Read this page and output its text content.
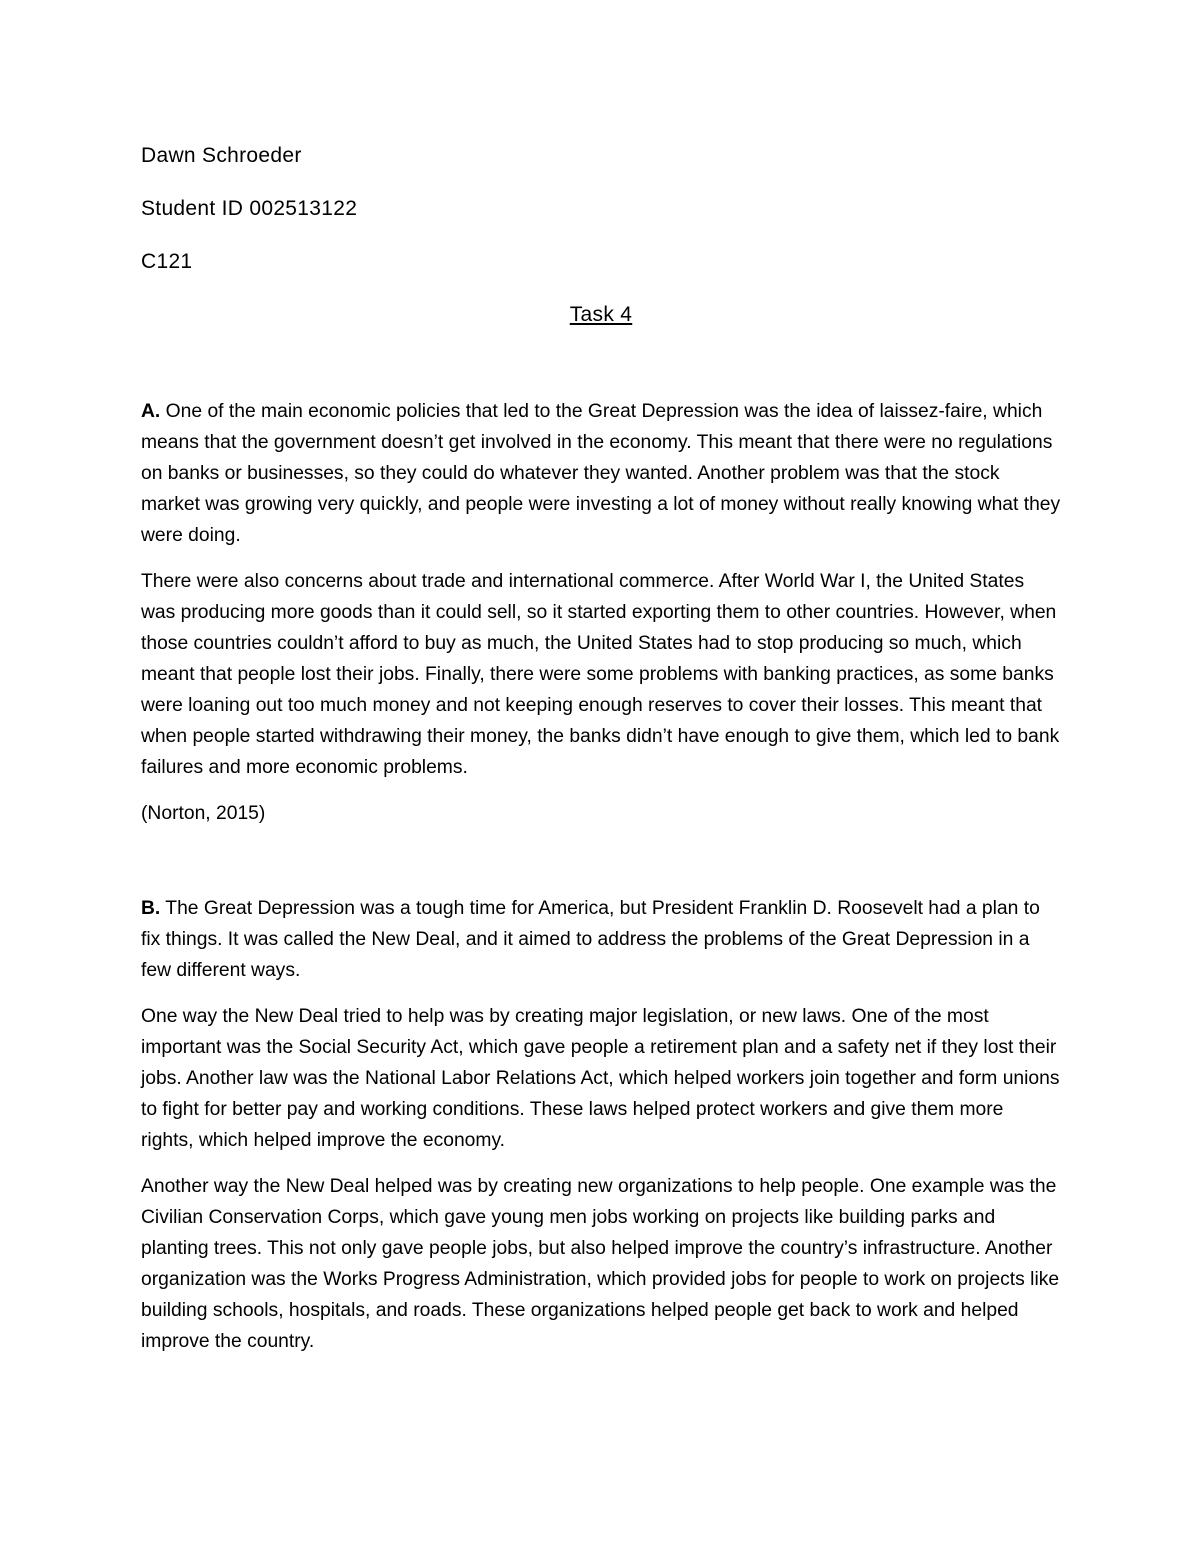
Dawn Schroeder

Student ID 002513122

C121

Task 4

A. One of the main economic policies that led to the Great Depression was the idea of laissez-faire, which means that the government doesn’t get involved in the economy. This meant that there were no regulations on banks or businesses, so they could do whatever they wanted. Another problem was that the stock market was growing very quickly, and people were investing a lot of money without really knowing what they were doing.

There were also concerns about trade and international commerce. After World War I, the United States was producing more goods than it could sell, so it started exporting them to other countries. However, when those countries couldn’t afford to buy as much, the United States had to stop producing so much, which meant that people lost their jobs. Finally, there were some problems with banking practices, as some banks were loaning out too much money and not keeping enough reserves to cover their losses. This meant that when people started withdrawing their money, the banks didn’t have enough to give them, which led to bank failures and more economic problems.

(Norton, 2015)

B. The Great Depression was a tough time for America, but President Franklin D. Roosevelt had a plan to fix things. It was called the New Deal, and it aimed to address the problems of the Great Depression in a few different ways.

One way the New Deal tried to help was by creating major legislation, or new laws. One of the most important was the Social Security Act, which gave people a retirement plan and a safety net if they lost their jobs. Another law was the National Labor Relations Act, which helped workers join together and form unions to fight for better pay and working conditions. These laws helped protect workers and give them more rights, which helped improve the economy.

Another way the New Deal helped was by creating new organizations to help people. One example was the Civilian Conservation Corps, which gave young men jobs working on projects like building parks and planting trees. This not only gave people jobs, but also helped improve the country’s infrastructure. Another organization was the Works Progress Administration, which provided jobs for people to work on projects like building schools, hospitals, and roads. These organizations helped people get back to work and helped improve the country.
